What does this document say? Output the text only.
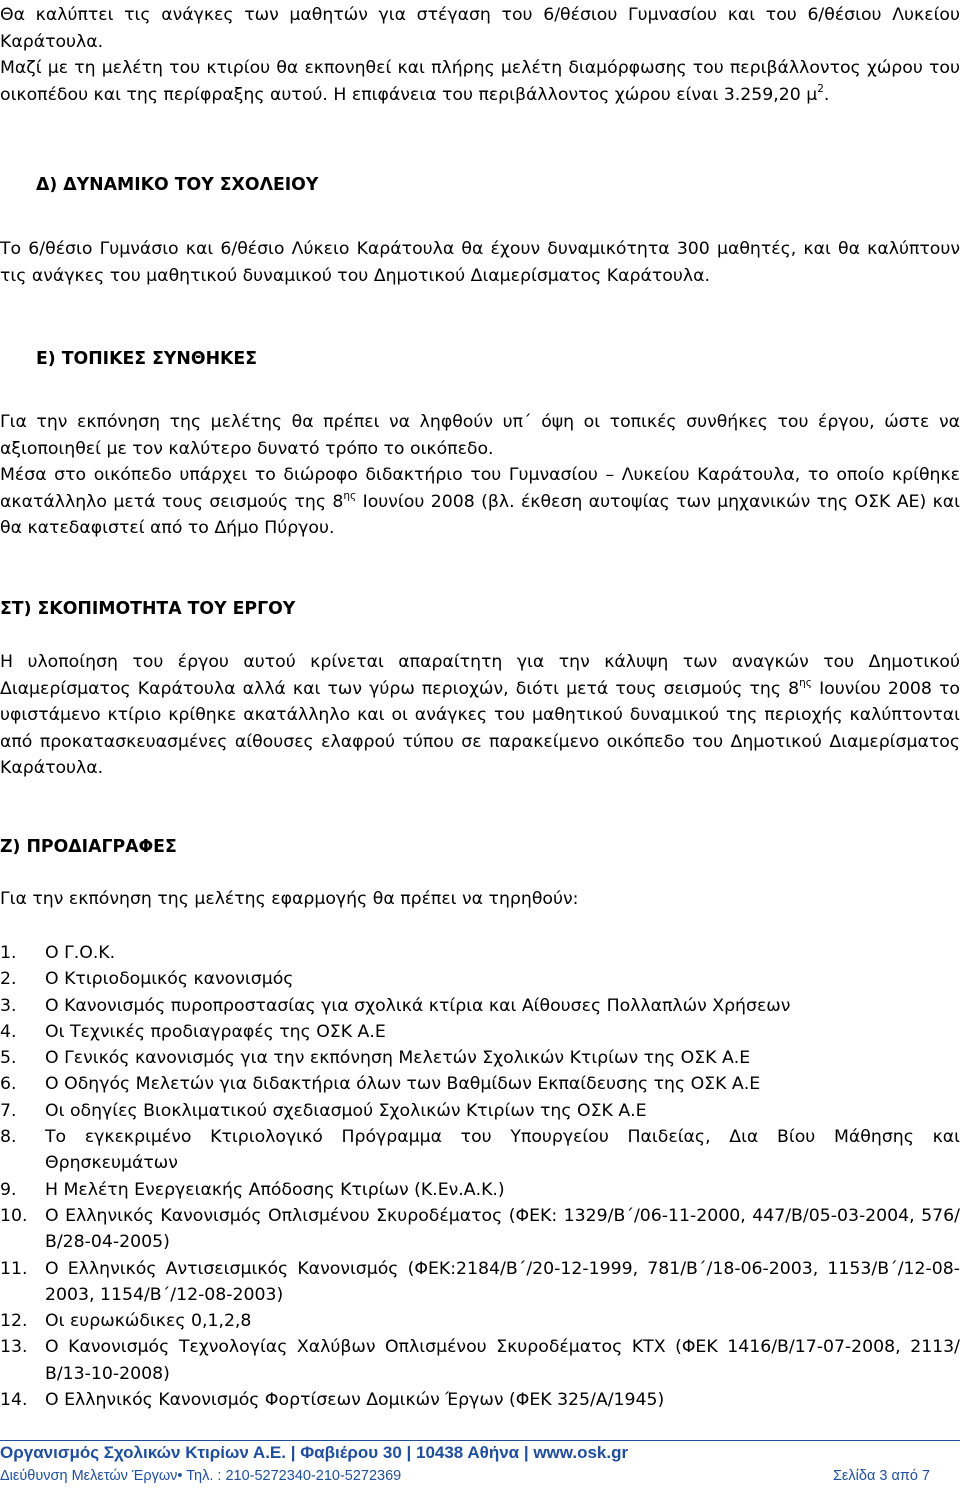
Θα καλύπτει τις ανάγκες των μαθητών για στέγαση του 6/θέσιου Γυμνασίου και του 6/θέσιου Λυκείου Καράτουλα.

Μαζί με τη μελέτη του κτιρίου θα εκπονηθεί και πλήρης μελέτη διαμόρφωσης του περιβάλλοντος χώρου του οικοπέδου και της περίφραξης αυτού. Η επιφάνεια του περιβάλλοντος χώρου είναι 3.259,20 $\mu^2$.

Δ) ΔΥΝΑΜΙΚΟ ΤΟΥ ΣΧΟΛΕΙΟΥ

Το 6/θέσιο Γυμνάσιο και 6/θέσιο Λύκειο Καράτουλα θα έχουν δυναμικότητα 300 μαθητές, και θα καλύπτουν τις ανάγκες του μαθητικού δυναμικού του Δημοτικού Διαμερίσματος Καράτουλα.

Ε) ΤΟΠΙΚΕΣ ΣΥΝΘΗΚΕΣ

Για την εκπόνηση της μελέτης θα πρέπει να ληφθούν υπ΄ όψη οι τοπικές συνθήκες του έργου, ώστε να αξιοποιηθεί με τον καλύτερο δυνατό τρόπο το οικόπεδο.

Μέσα στο οικόπεδο υπάρχει το διώροφο διδακτήριο του Γυμνασίου – Λυκείου Καράτουλα, το οποίο κρίθηκε ακατάλληλο μετά τους σεισμούς της $8^{\eta\varsigma}$ Ιουνίου 2008 (βλ. έκθεση αυτοψίας των μηχανικών της ΟΣΚ ΑΕ) και θα κατεδαφιστεί από το Δήμο Πύργου.

ΣΤ) ΣΚΟΠΙΜΟΤΗΤΑ ΤΟΥ ΕΡΓΟΥ

Η υλοποίηση του έργου αυτού κρίνεται απαραίτητη για την κάλυψη των αναγκών του Δημοτικού Διαμερίσματος Καράτουλα αλλά και των γύρω περιοχών, διότι μετά τους σεισμούς της $8^{\eta\varsigma}$ Ιουνίου 2008 το υφιστάμενο κτίριο κρίθηκε ακατάλληλο και οι ανάγκες του μαθητικού δυναμικού της περιοχής καλύπτονται από προκατασκευασμένες αίθουσες ελαφρού τύπου σε παρακείμενο οικόπεδο του Δημοτικού Διαμερίσματος Καράτουλα.

Ζ) ΠΡΟΔΙΑΓΡΑΦΕΣ

Για την εκπόνηση της μελέτης εφαρμογής θα πρέπει να τηρηθούν:

1. Ο Γ.Ο.Κ.
2. Ο Κτιριοδομικός κανονισμός
3. Ο Κανονισμός πυροπροστασίας για σχολικά κτίρια και Αίθουσες Πολλαπλών Χρήσεων
4. Οι Τεχνικές προδιαγραφές της ΟΣΚ Α.Ε
5. Ο Γενικός κανονισμός για την εκπόνηση Μελετών Σχολικών Κτιρίων της ΟΣΚ Α.Ε
6. Ο Οδηγός Μελετών για διδακτήρια όλων των Βαθμίδων Εκπαίδευσης της ΟΣΚ Α.Ε
7. Οι οδηγίες Βιοκλιματικού σχεδιασμού Σχολικών Κτιρίων της ΟΣΚ Α.Ε
8. Το εγκεκριμένο Κτιριολογικό Πρόγραμμα του Υπουργείου Παιδείας, Δια Βίου Μάθησης και Θρησκευμάτων
9. Η Μελέτη Ενεργειακής Απόδοσης Κτιρίων (Κ.Εν.Α.Κ.)
10. Ο Ελληνικός Κανονισμός Οπλισμένου Σκυροδέματος (ΦΕΚ: 1329/Β΄/06-11-2000, 447/Β/05-03-2004, 576/Β/28-04-2005)
11. Ο Ελληνικός Αντισεισμικός Κανονισμός (ΦΕΚ:2184/Β΄/20-12-1999, 781/Β΄/18-06-2003, 1153/Β΄/12-08-2003, 1154/Β΄/12-08-2003)
12. Οι ευρωκώδικες 0,1,2,8
13. Ο Κανονισμός Τεχνολογίας Χαλύβων Οπλισμένου Σκυροδέματος ΚΤΧ (ΦΕΚ 1416/Β/17-07-2008, 2113/Β/13-10-2008)
14. Ο Ελληνικός Κανονισμός Φορτίσεων Δομικών Έργων (ΦΕΚ 325/Α/1945)
Οργανισμός Σχολικών Κτιρίων Α.Ε. | Φαβιέρου 30 | 10438 Αθήνα | www.osk.gr
Διεύθυνση Μελετών Έργων• Τηλ. : 210-5272340-210-5272369	Σελίδα 3 από 7
